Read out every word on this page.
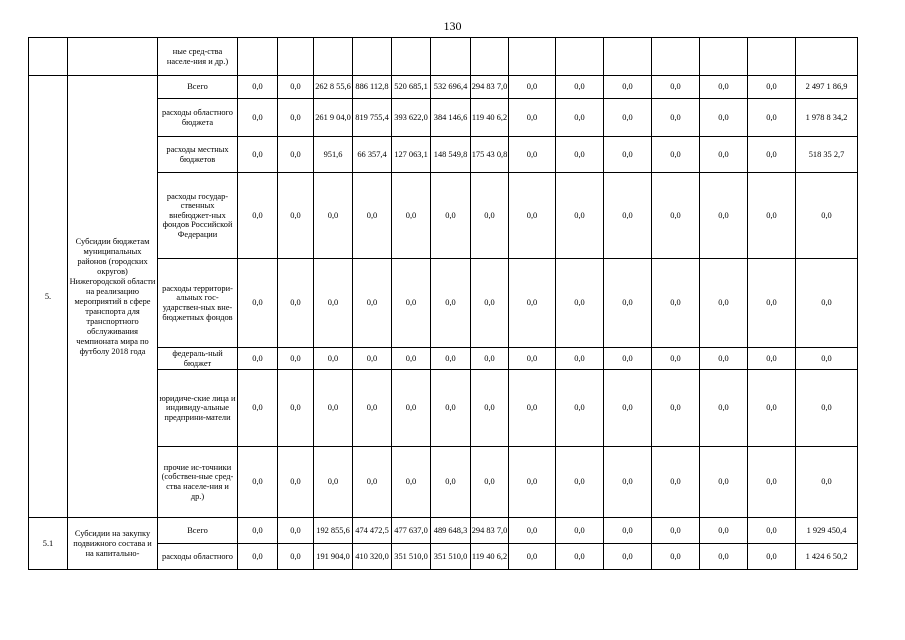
130
		ные сред-ства населе-ния и др.)														
5.	Субсидии бюджетам муниципальных районов (городских округов) Нижегородской области на реализацию мероприятий в сфере транспорта для транспортного обслуживания чемпионата мира по футболу 2018 года	Всего	0,0	0,0	262 8 55,6	886 112,8	520 685,1	532 696,4	294 83 7,0	0,0	0,0	0,0	0,0	0,0	0,0	2 497 1 86,9
		расходы областного бюджета	0,0	0,0	261 9 04,0	819 755,4	393 622,0	384 146,6	119 40 6,2	0,0	0,0	0,0	0,0	0,0	0,0	1 978 8 34,2
		расходы местных бюджетов	0,0	0,0	951,6	66 357,4	127 063,1	148 549,8	175 43 0,8	0,0	0,0	0,0	0,0	0,0	0,0	518 35 2,7
		расходы государ-ственных внебюджет-ных фондов Российской Федерации	0,0	0,0	0,0	0,0	0,0	0,0	0,0	0,0	0,0	0,0	0,0	0,0	0,0	0,0
		расходы территори-альных гос-ударствен-ных вне-бюджетных фондов	0,0	0,0	0,0	0,0	0,0	0,0	0,0	0,0	0,0	0,0	0,0	0,0	0,0	0,0
		федераль-ный бюджет	0,0	0,0	0,0	0,0	0,0	0,0	0,0	0,0	0,0	0,0	0,0	0,0	0,0	0,0
		юридиче-ские лица и индивиду-альные предприни-матели	0,0	0,0	0,0	0,0	0,0	0,0	0,0	0,0	0,0	0,0	0,0	0,0	0,0	0,0
		прочие ис-точники (собствен-ные сред-ства населе-ния и др.)	0,0	0,0	0,0	0,0	0,0	0,0	0,0	0,0	0,0	0,0	0,0	0,0	0,0	0,0
5.1	Субсидии на закупку подвижного состава и на капитально-	Всего	0,0	0,0	192 855,6	474 472,5	477 637,0	489 648,3	294 83 7,0	0,0	0,0	0,0	0,0	0,0	0,0	1 929 450,4
		расходы областного	0,0	0,0	191 904,0	410 320,0	351 510,0	351 510,0	119 40 6,2	0,0	0,0	0,0	0,0	0,0	0,0	1 424 6 50,2
